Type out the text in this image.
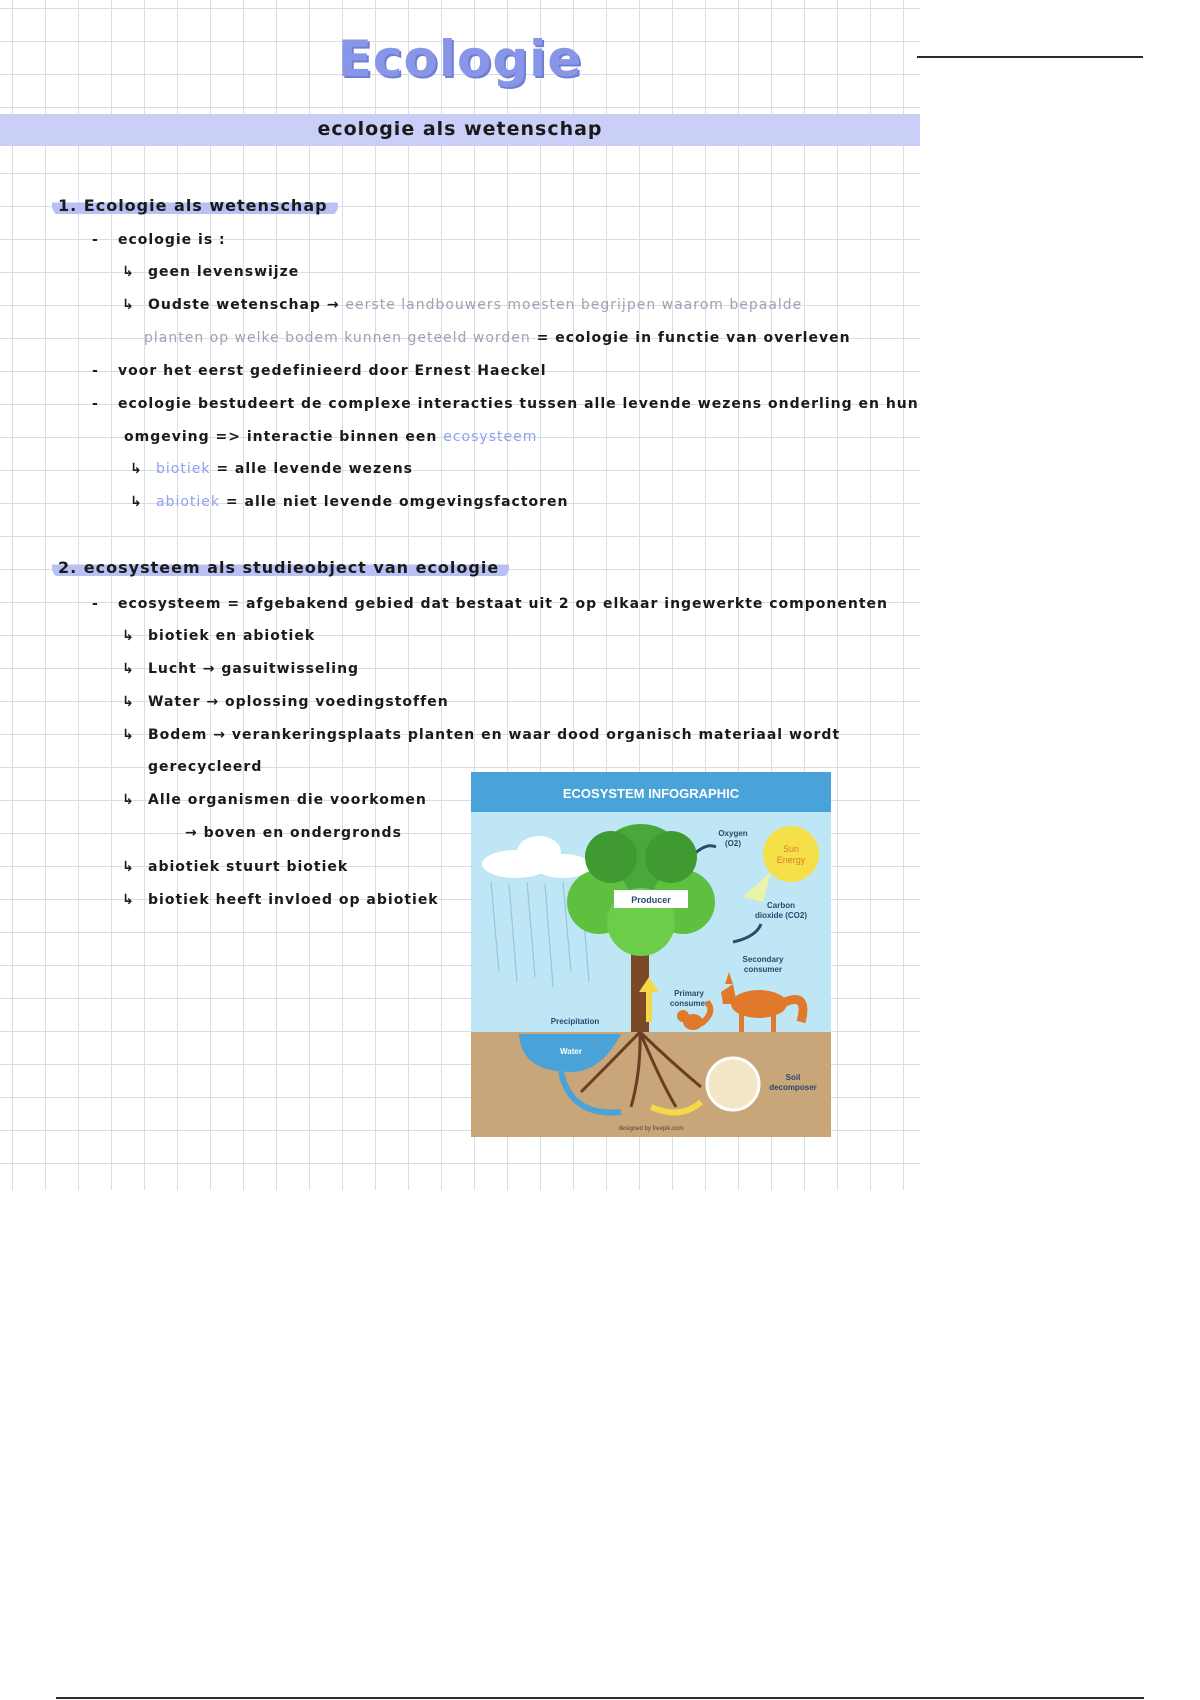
Ecologie
ecologie als wetenschap
1. Ecologie als wetenschap
- ecologie is :
↳ geen levenswijze
↳ Oudste wetenschap → eerste landbouwers moesten begrijpen waarom bepaalde
planten op welke bodem kunnen geteeld worden = ecologie in functie van overleven
- voor het eerst gedefinieerd door Ernest Haeckel
- ecologie bestudeert de complexe interacties tussen alle levende wezens onderling en hun
omgeving => interactie binnen een ecosysteem
↳ biotiek = alle levende wezens
↳ abiotiek = alle niet levende omgevingsfactoren
2. ecosysteem als studieobject van ecologie
- ecosysteem = afgebakend gebied dat bestaat uit 2 op elkaar ingewerkte componenten
↳ biotiek en abiotiek
↳ Lucht → gasuitwisseling
↳ Water → oplossing voedingstoffen
↳ Bodem → verankeringsplaats planten en waar dood organisch materiaal wordt
gerecycleerd
↳ Alle organismen die voorkomen
→ boven en ondergronds
↳ abiotiek stuurt biotiek
↳ biotiek heeft invloed op abiotiek
ECOSYSTEM INFOGRAPHIC
Sun
Energy
Oxygen
(O2)
Carbon
dioxide (CO2)
Secondary
consumer
Producer
Primary
consumer
Precipitation
Water
Soil
decomposer
designed by freepik.com
